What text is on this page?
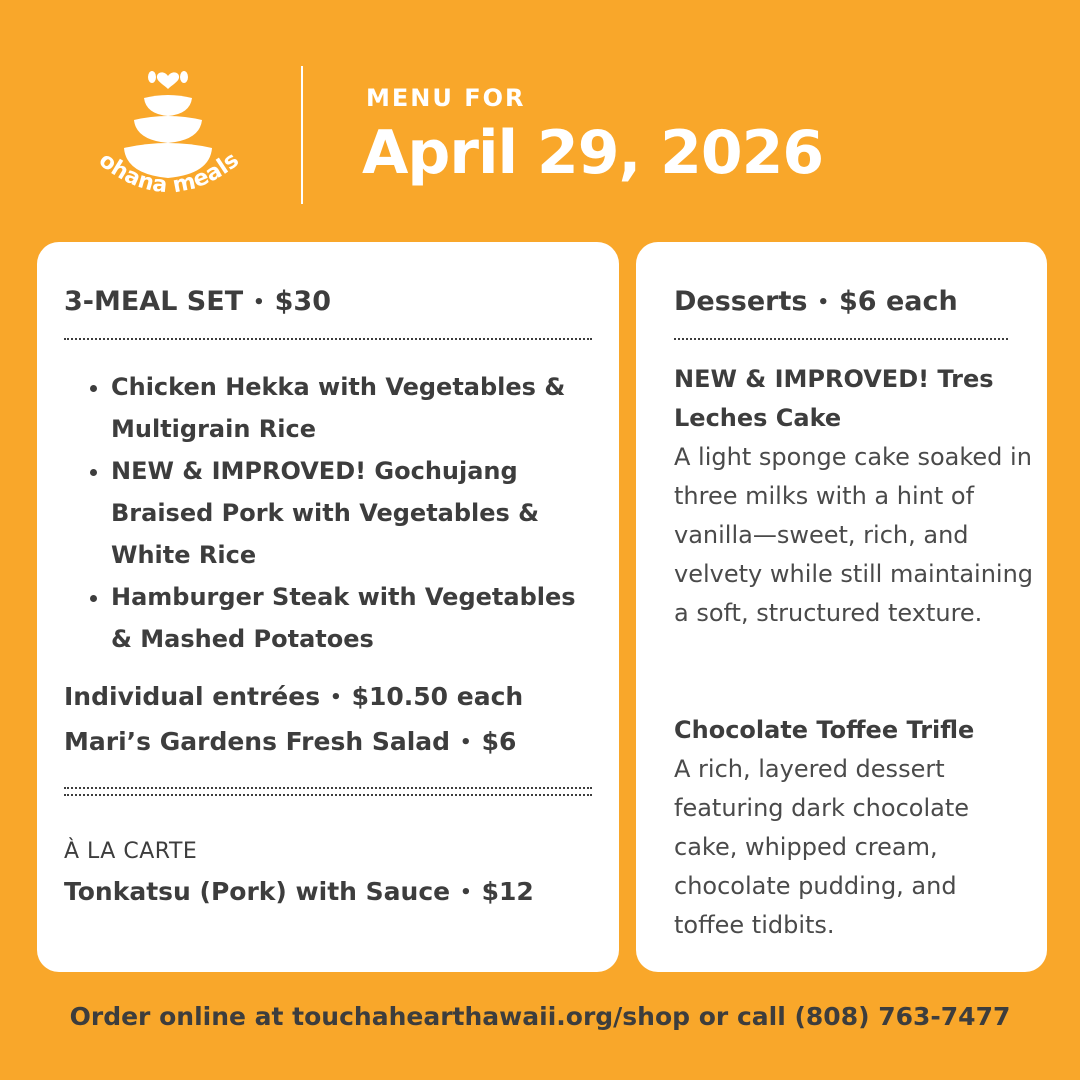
ohana meals
MENU FOR
April 29, 2026
3-MEAL SET • $30
• Chicken Hekka with Vegetables & Multigrain Rice
• NEW & IMPROVED! Gochujang Braised Pork with Vegetables & White Rice
• Hamburger Steak with Vegetables & Mashed Potatoes
Individual entrées • $10.50 each
Mari’s Gardens Fresh Salad • $6
À LA CARTE
Tonkatsu (Pork) with Sauce • $12
Desserts • $6 each
NEW & IMPROVED! Tres Leches Cake
A light sponge cake soaked in three milks with a hint of vanilla—sweet, rich, and velvety while still maintaining a soft, structured texture.
Chocolate Toffee Trifle
A rich, layered dessert featuring dark chocolate cake, whipped cream, chocolate pudding, and toffee tidbits.
Order online at touchahearthawaii.org/shop or call (808) 763-7477
